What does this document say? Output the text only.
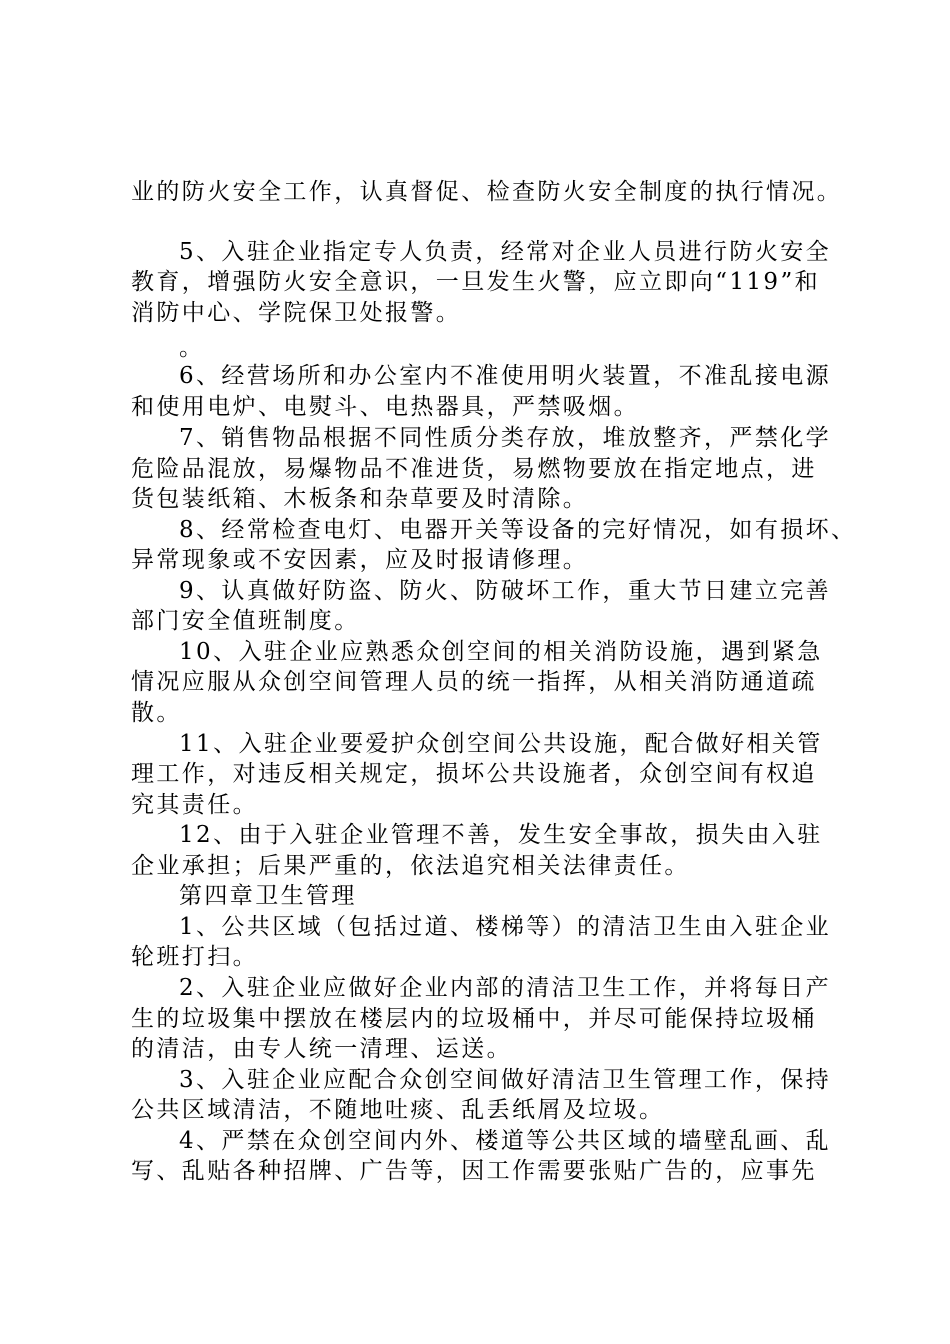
业的防火安全工作，认真督促、检查防火安全制度的执行情况。
5、入驻企业指定专人负责，经常对企业人员进行防火安全
教育，增强防火安全意识，一旦发生火警，应立即向“119”和
消防中心、学院保卫处报警。
。
6、经营场所和办公室内不准使用明火装置，不准乱接电源
和使用电炉、电熨斗、电热器具，严禁吸烟。
7、销售物品根据不同性质分类存放，堆放整齐，严禁化学
危险品混放，易爆物品不准进货，易燃物要放在指定地点，进
货包装纸箱、木板条和杂草要及时清除。
8、经常检查电灯、电器开关等设备的完好情况，如有损坏、
异常现象或不安因素，应及时报请修理。
9、认真做好防盗、防火、防破坏工作，重大节日建立完善
部门安全值班制度。
10、入驻企业应熟悉众创空间的相关消防设施，遇到紧急
情况应服从众创空间管理人员的统一指挥，从相关消防通道疏
散。
11、入驻企业要爱护众创空间公共设施，配合做好相关管
理工作，对违反相关规定，损坏公共设施者，众创空间有权追
究其责任。
12、由于入驻企业管理不善，发生安全事故，损失由入驻
企业承担；后果严重的，依法追究相关法律责任。
第四章卫生管理
1、公共区域（包括过道、楼梯等）的清洁卫生由入驻企业
轮班打扫。
2、入驻企业应做好企业内部的清洁卫生工作，并将每日产
生的垃圾集中摆放在楼层内的垃圾桶中，并尽可能保持垃圾桶
的清洁，由专人统一清理、运送。
3、入驻企业应配合众创空间做好清洁卫生管理工作，保持
公共区域清洁，不随地吐痰、乱丢纸屑及垃圾。
4、严禁在众创空间内外、楼道等公共区域的墙壁乱画、乱
写、乱贴各种招牌、广告等，因工作需要张贴广告的，应事先
